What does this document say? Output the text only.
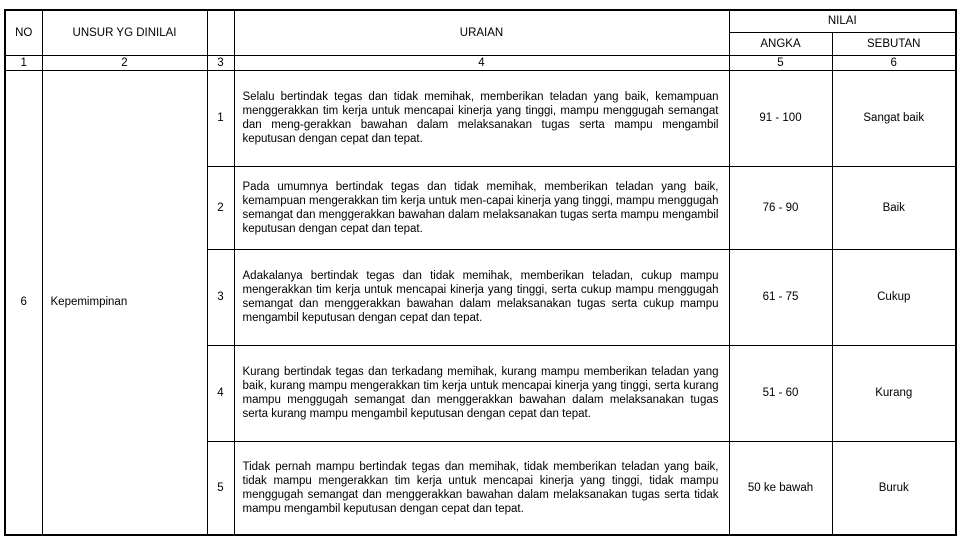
NO	UNSUR YG DINILAI		URAIAN	NILAI	
				ANGKA	SEBUTAN
1	2	3	4	5	6
6	Kepemimpinan	1	Selalu bertindak tegas dan tidak memihak, memberikan teladan yang baik, kemampuan menggerakkan tim kerja untuk mencapai kinerja yang tinggi, mampu menggugah semangat dan meng-gerakkan bawahan dalam melaksanakan tugas serta mampu mengambil keputusan dengan cepat dan tepat.	91 - 100	Sangat baik
		2	Pada umumnya bertindak tegas dan tidak memihak, memberikan teladan yang baik, kemampuan mengerakkan tim kerja untuk men-capai kinerja yang tinggi, mampu menggugah semangat dan menggerakkan bawahan dalam melaksanakan tugas serta mampu mengambil keputusan dengan cepat dan tepat.	76 - 90	Baik
		3	Adakalanya bertindak tegas dan tidak memihak, memberikan teladan, cukup mampu mengerakkan tim kerja untuk mencapai kinerja yang tinggi, serta cukup mampu menggugah semangat dan menggerakkan bawahan dalam melaksanakan tugas serta cukup mampu mengambil keputusan dengan cepat dan tepat.	61 - 75	Cukup
		4	Kurang bertindak tegas dan terkadang memihak, kurang mampu memberikan teladan yang baik, kurang mampu mengerakkan tim kerja untuk mencapai kinerja yang tinggi, serta kurang mampu menggugah semangat dan menggerakkan bawahan dalam melaksanakan tugas serta kurang mampu mengambil keputusan dengan cepat dan tepat.	51 - 60	Kurang
		5	Tidak pernah mampu bertindak tegas dan memihak, tidak memberikan teladan yang baik, tidak mampu mengerakkan tim kerja untuk mencapai kinerja yang tinggi, tidak mampu menggugah semangat dan menggerakkan bawahan dalam melaksanakan tugas serta tidak mampu mengambil keputusan dengan cepat dan tepat.	50 ke bawah	Buruk
